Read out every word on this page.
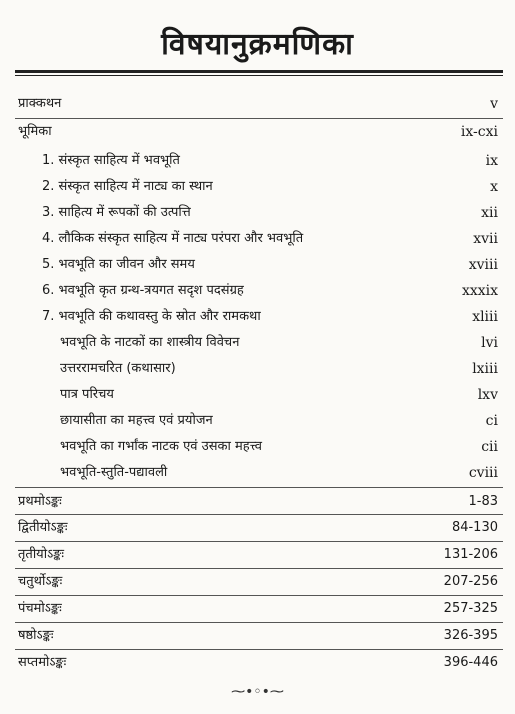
विषयानुक्रमणिका
प्राक्कथन	v
भूमिका	ix-cxi
1. संस्कृत साहित्य में भवभूति	ix
2. संस्कृत साहित्य में नाट्य का स्थान	x
3. साहित्य में रूपकों की उत्पत्ति	xii
4. लौकिक संस्कृत साहित्य में नाट्य परंपरा और भवभूति	xvii
5. भवभूति का जीवन और समय	xviii
6. भवभूति कृत ग्रन्थ-त्रयगत सदृश पदसंग्रह	xxxix
7. भवभूति की कथावस्तु के स्रोत और रामकथा	xliii
भवभूति के नाटकों का शास्त्रीय विवेचन	lvi
उत्तररामचरित (कथासार)	lxiii
पात्र परिचय	lxv
छायासीता का महत्त्व एवं प्रयोजन	ci
भवभूति का गर्भांक नाटक एवं उसका महत्त्व	cii
भवभूति-स्तुति-पद्यावली	cviii
प्रथमोऽङ्कः	1-83
द्वितीयोऽङ्कः	84-130
तृतीयोऽङ्कः	131-206
चतुर्थोऽङ्कः	207-256
पंचमोऽङ्कः	257-325
षष्ठोऽङ्कः	326-395
सप्तमोऽङ्कः	396-446
⁓•◦•⁓
